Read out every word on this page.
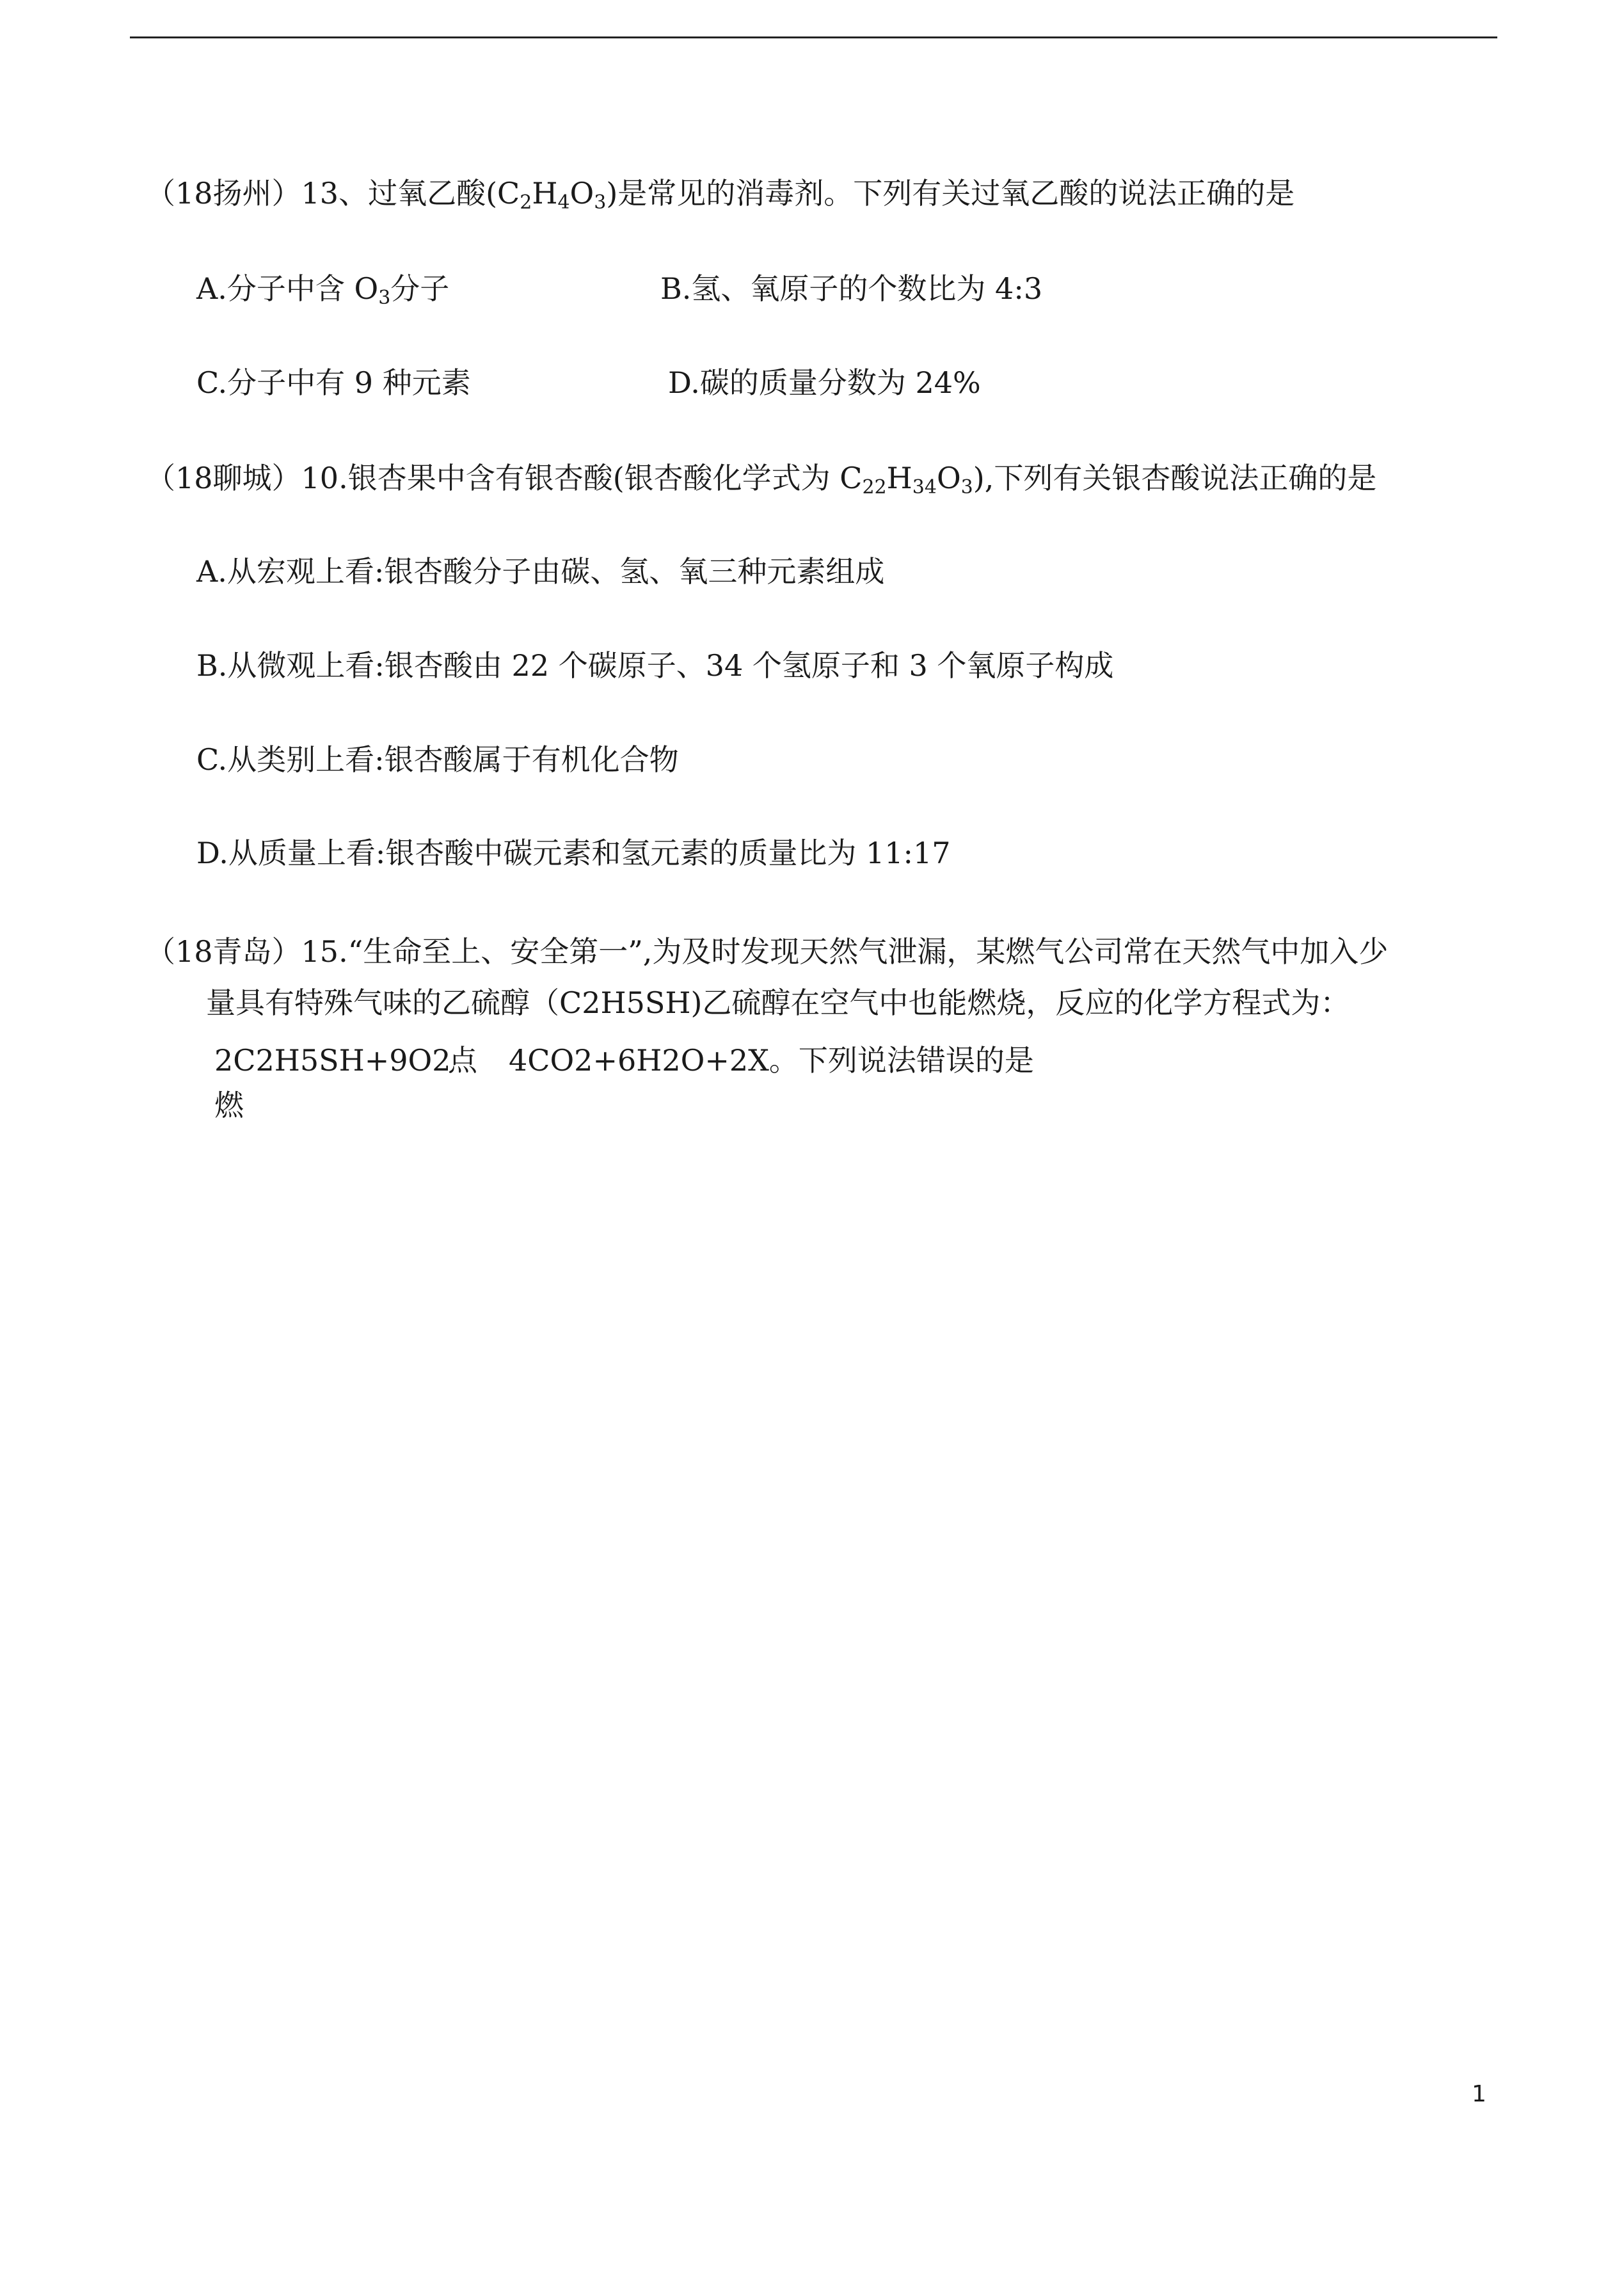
（18扬州）13、过氧乙酸$(C_2H_4O_3)$是常见的消毒剂。下列有关过氧乙酸的说法正确的是
A.分子中含 $O_3$分子	B.氢、氧原子的个数比为 4:3
C.分子中有 9 种元素	D.碳的质量分数为 24%
（18聊城）10.银杏果中含有银杏酸(银杏酸化学式为 $C_{22}H_{34}O_3$),下列有关银杏酸说法正确的是
A.从宏观上看:银杏酸分子由碳、氢、氧三种元素组成
B.从微观上看:银杏酸由 22 个碳原子、34 个氢原子和 3 个氧原子构成
C.从类别上看:银杏酸属于有机化合物
D.从质量上看:银杏酸中碳元素和氢元素的质量比为 11:17
（18青岛）15.“生命至上、安全第一”,为及时发现天然气泄漏，某燃气公司常在天然气中加入少
量具有特殊气味的乙硫醇（C2H5SH)乙硫醇在空气中也能燃烧，反应的化学方程式为：
2C2H5SH+9O2
点 4CO2+6H2O+2X。下列说法错误的是
燃
1
